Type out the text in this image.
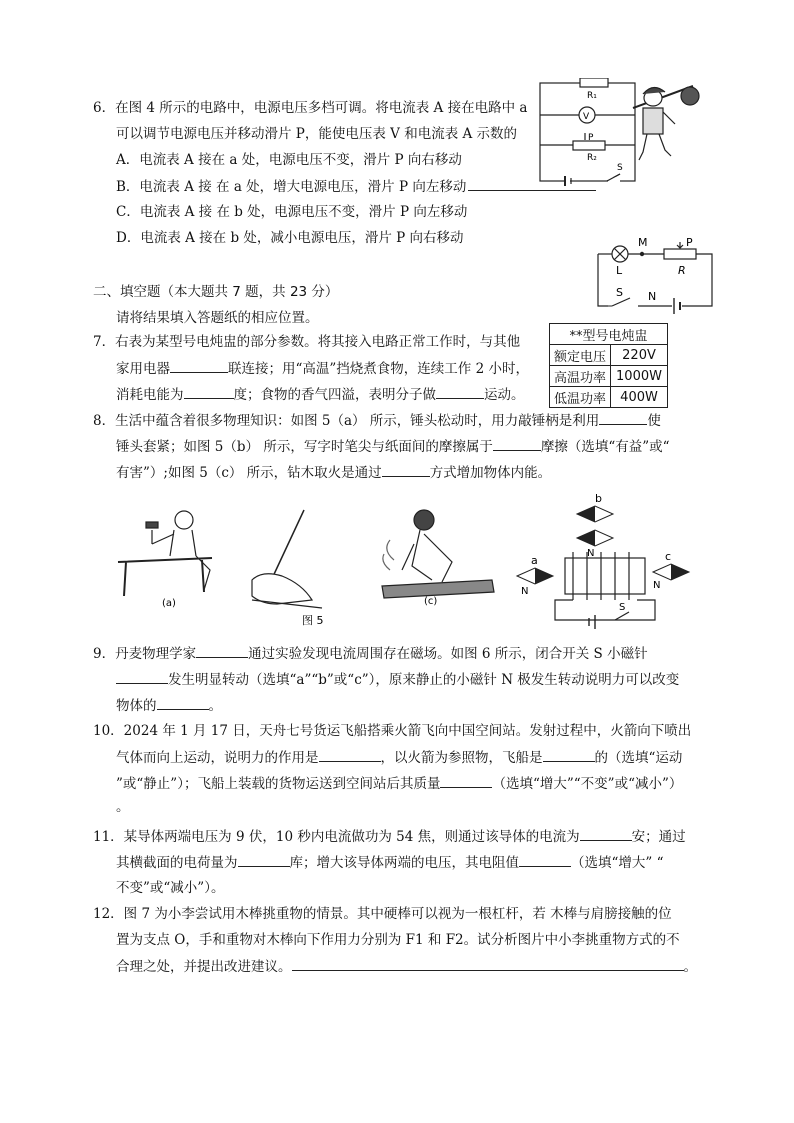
6．在图 4 所示的电路中，电源电压多档可调。将电流表 A 接在电路中 a
可以调节电源电压并移动滑片 P，能使电压表 V 和电流表 A 示数的
A．电流表 A 接在 a 处，电源电压不变，滑片 P 向右移动
B．电流表 A 接 在 a 处，增大电源电压，滑片 P 向左移动
C．电流表 A 接 在 b 处，电源电压不变，滑片 P 向左移动
D．电流表 A 接在 b 处，减小电源电压，滑片 P 向右移动
R₁
V
P
R₂
S
M	P
L	R
S N
二、填空题（本大题共 7 题，共 23 分）
请将结果填入答题纸的相应位置。
7．右表为某型号电炖盅的部分参数。将其接入电路正常工作时，与其他
家用电器	联连接；用“高温”挡烧煮食物，连续工作 2 小时，
消耗电能为	度；食物的香气四溢，表明分子做	运动。
**型号电炖盅	
额定电压	220V
高温功率	1000W
低温功率	400W
8．生活中蕴含着很多物理知识：如图 5（a） 所示，锤头松动时，用力敲锤柄是利用	使
锤头套紧；如图 5（b） 所示，写字时笔尖与纸面间的摩擦属于	摩擦（选填“有益”或“
有害”）;如图 5（c） 所示，钻木取火是通过	方式增加物体内能。
(a)
图 5
(c)
a
b
c
N
N
N
S
9．丹麦物理学家	通过实验发现电流周围存在磁场。如图 6 所示，闭合开关 S 小磁针
发生明显转动（选填“a”“b”或“c”），原来静止的小磁针 N 极发生转动说明力可以改变
物体的	。
10．2024 年 1 月 17 日，天舟七号货运飞船搭乘火箭飞向中国空间站。发射过程中，火箭向下喷出
气体而向上运动，说明力的作用是	，以火箭为参照物，飞船是	的（选填“运动
”或“静止”）；飞船上装载的货物运送到空间站后其质量	（选填“增大”“不变”或“减小”）
。
11．某导体两端电压为 9 伏，10 秒内电流做功为 54 焦，则通过该导体的电流为	安；通过
其横截面的电荷量为	库；增大该导体两端的电压，其电阻值	（选填“增大” “
不变”或“减小”）。
12．图 7 为小李尝试用木棒挑重物的情景。其中硬棒可以视为一根杠杆，若 木棒与肩膀接触的位
置为支点 O，手和重物对木棒向下作用力分别为 F1 和 F2。试分析图片中小李挑重物方式的不
合理之处，并提出改进建议。	。
